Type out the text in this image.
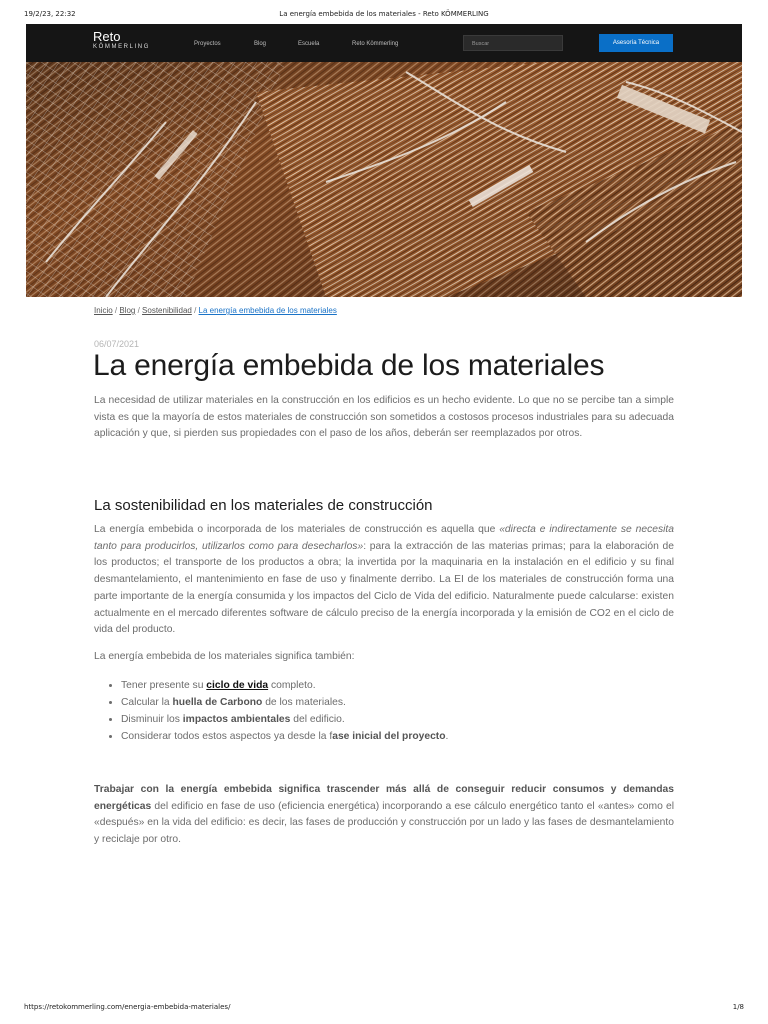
19/2/23, 22:32	La energía embebida de los materiales - Reto KÖMMERLING
Reto
KÖMMERLING	Proyectos	Blog	Escuela	Reto Kömmerling	Buscar	Asesoría Técnica
Inicio / Blog / Sostenibilidad / La energía embebida de los materiales
06/07/2021
La energía embebida de los materiales

La necesidad de utilizar materiales en la construcción en los edificios es un hecho evidente. Lo que no se percibe tan a simple vista es que la mayoría de estos materiales de construcción son sometidos a costosos procesos industriales para su adecuada aplicación y que, si pierden sus propiedades con el paso de los años, deberán ser reemplazados por otros.

La sostenibilidad en los materiales de construcción

La energía embebida o incorporada de los materiales de construcción es aquella que «directa e indirectamente se necesita tanto para producirlos, utilizarlos como para desecharlos»: para la extracción de las materias primas; para la elaboración de los productos; el transporte de los productos a obra; la invertida por la maquinaria en la instalación en el edificio y su final desmantelamiento, el mantenimiento en fase de uso y finalmente derribo. La EI de los materiales de construcción forma una parte importante de la energía consumida y los impactos del Ciclo de Vida del edificio. Naturalmente puede calcularse: existen actualmente en el mercado diferentes software de cálculo preciso de la energía incorporada y la emisión de CO2 en el ciclo de vida del producto.

La energía embebida de los materiales significa también:

• Tener presente su ciclo de vida completo.
• Calcular la huella de Carbono de los materiales.
• Disminuir los impactos ambientales del edificio.
• Considerar todos estos aspectos ya desde la fase inicial del proyecto.

Trabajar con la energía embebida significa trascender más allá de conseguir reducir consumos y demandas energéticas del edificio en fase de uso (eficiencia energética) incorporando a ese cálculo energético tanto el «antes» como el «después» en la vida del edificio: es decir, las fases de producción y construcción por un lado y las fases de desmantelamiento y reciclaje por otro.

https://retokommerling.com/energia-embebida-materiales/	1/8
